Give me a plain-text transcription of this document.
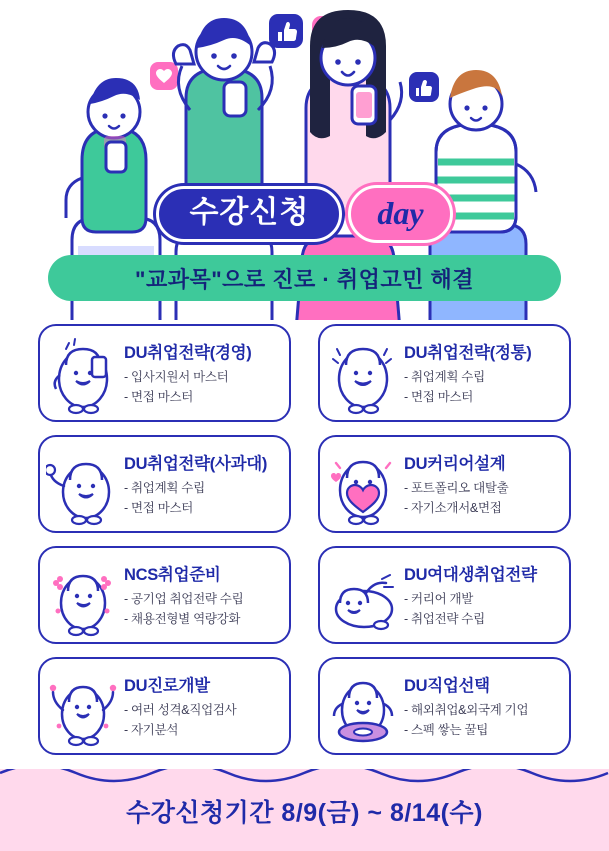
수강신청	day
"교과목"으로 진로 · 취업고민 해결
DU취업전략(경영)
- 입사지원서 마스터
- 면접 마스터
DU취업전략(정통)
- 취업계획 수립
- 면접 마스터
DU취업전략(사과대)
- 취업계획 수립
- 면접 마스터
DU커리어설계
- 포트폴리오 대탈출
- 자기소개서&면접
NCS취업준비
- 공기업 취업전략 수립
- 채용전형별 역량강화
DU여대생취업전략
- 커리어 개발
- 취업전략 수립
DU진로개발
- 여러 성격&직업검사
- 자기분석
DU직업선택
- 해외취업&외국계 기업
- 스펙 쌓는 꿀팁
수강신청기간 8/9(금) ~ 8/14(수)
